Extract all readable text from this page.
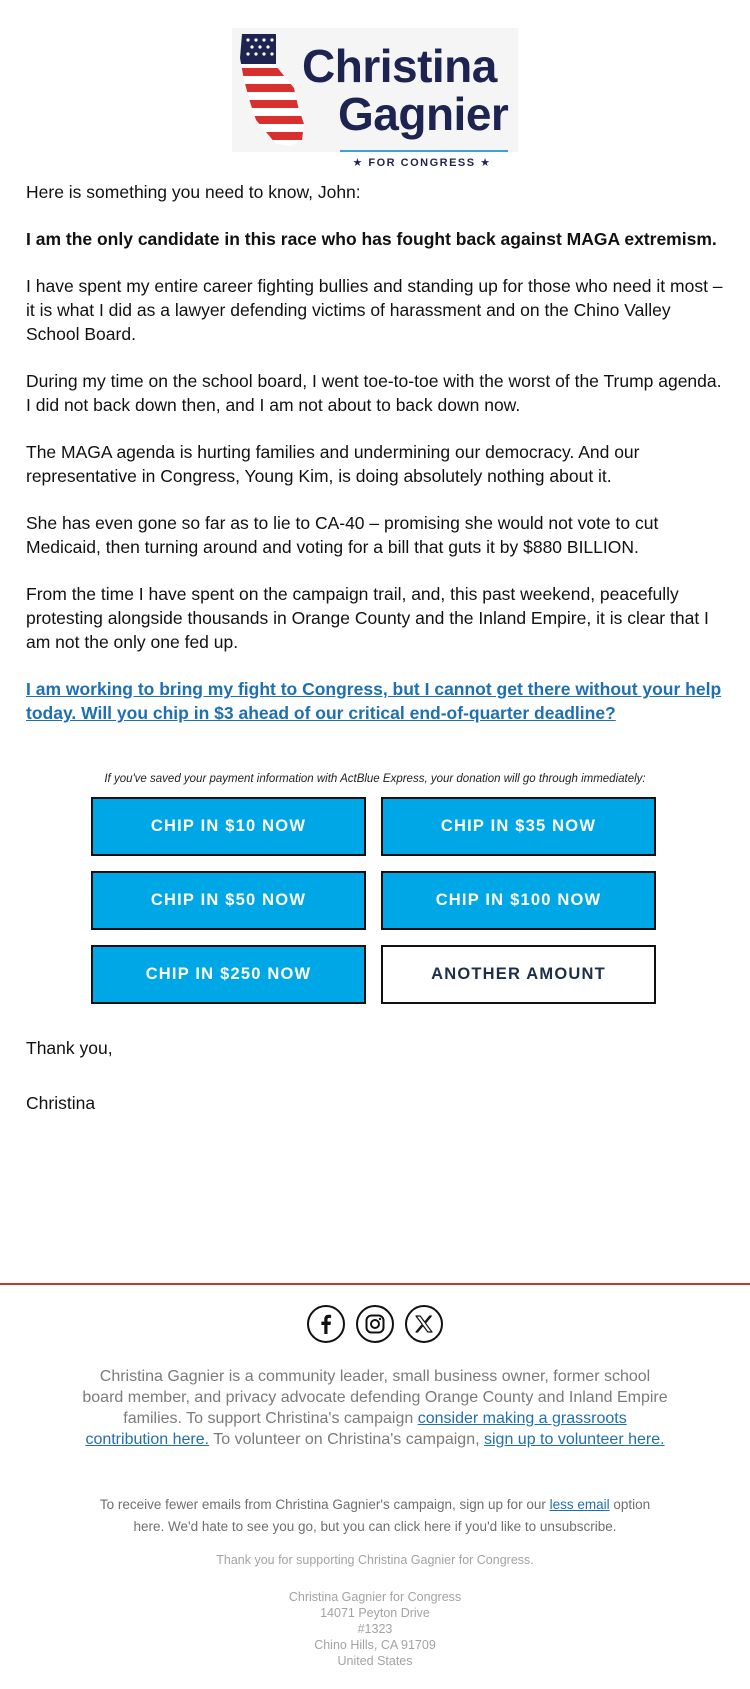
Christina
Gagnier
★ FOR CONGRESS ★

Here is something you need to know, John:

I am the only candidate in this race who has fought back against MAGA extremism.

I have spent my entire career fighting bullies and standing up for those who need it most – it is what I did as a lawyer defending victims of harassment and on the Chino Valley School Board.

During my time on the school board, I went toe-to-toe with the worst of the Trump agenda. I did not back down then, and I am not about to back down now.

The MAGA agenda is hurting families and undermining our democracy. And our representative in Congress, Young Kim, is doing absolutely nothing about it.

She has even gone so far as to lie to CA-40 – promising she would not vote to cut Medicaid, then turning around and voting for a bill that guts it by $880 BILLION.

From the time I have spent on the campaign trail, and, this past weekend, peacefully protesting alongside thousands in Orange County and the Inland Empire, it is clear that I am not the only one fed up.

I am working to bring my fight to Congress, but I cannot get there without your help today. Will you chip in $3 ahead of our critical end-of-quarter deadline?

If you've saved your payment information with ActBlue Express, your donation will go through immediately:
CHIP IN $10 NOW	CHIP IN $35 NOW
CHIP IN $50 NOW	CHIP IN $100 NOW
CHIP IN $250 NOW	ANOTHER AMOUNT

Thank you,

Christina

Christina Gagnier is a community leader, small business owner, former school board member, and privacy advocate defending Orange County and Inland Empire families. To support Christina's campaign consider making a grassroots contribution here. To volunteer on Christina's campaign, sign up to volunteer here.
To receive fewer emails from Christina Gagnier's campaign, sign up for our less email option here. We'd hate to see you go, but you can click here if you'd like to unsubscribe.
Thank you for supporting Christina Gagnier for Congress.
Christina Gagnier for Congress
14071 Peyton Drive
#1323
Chino Hills, CA 91709
United States
